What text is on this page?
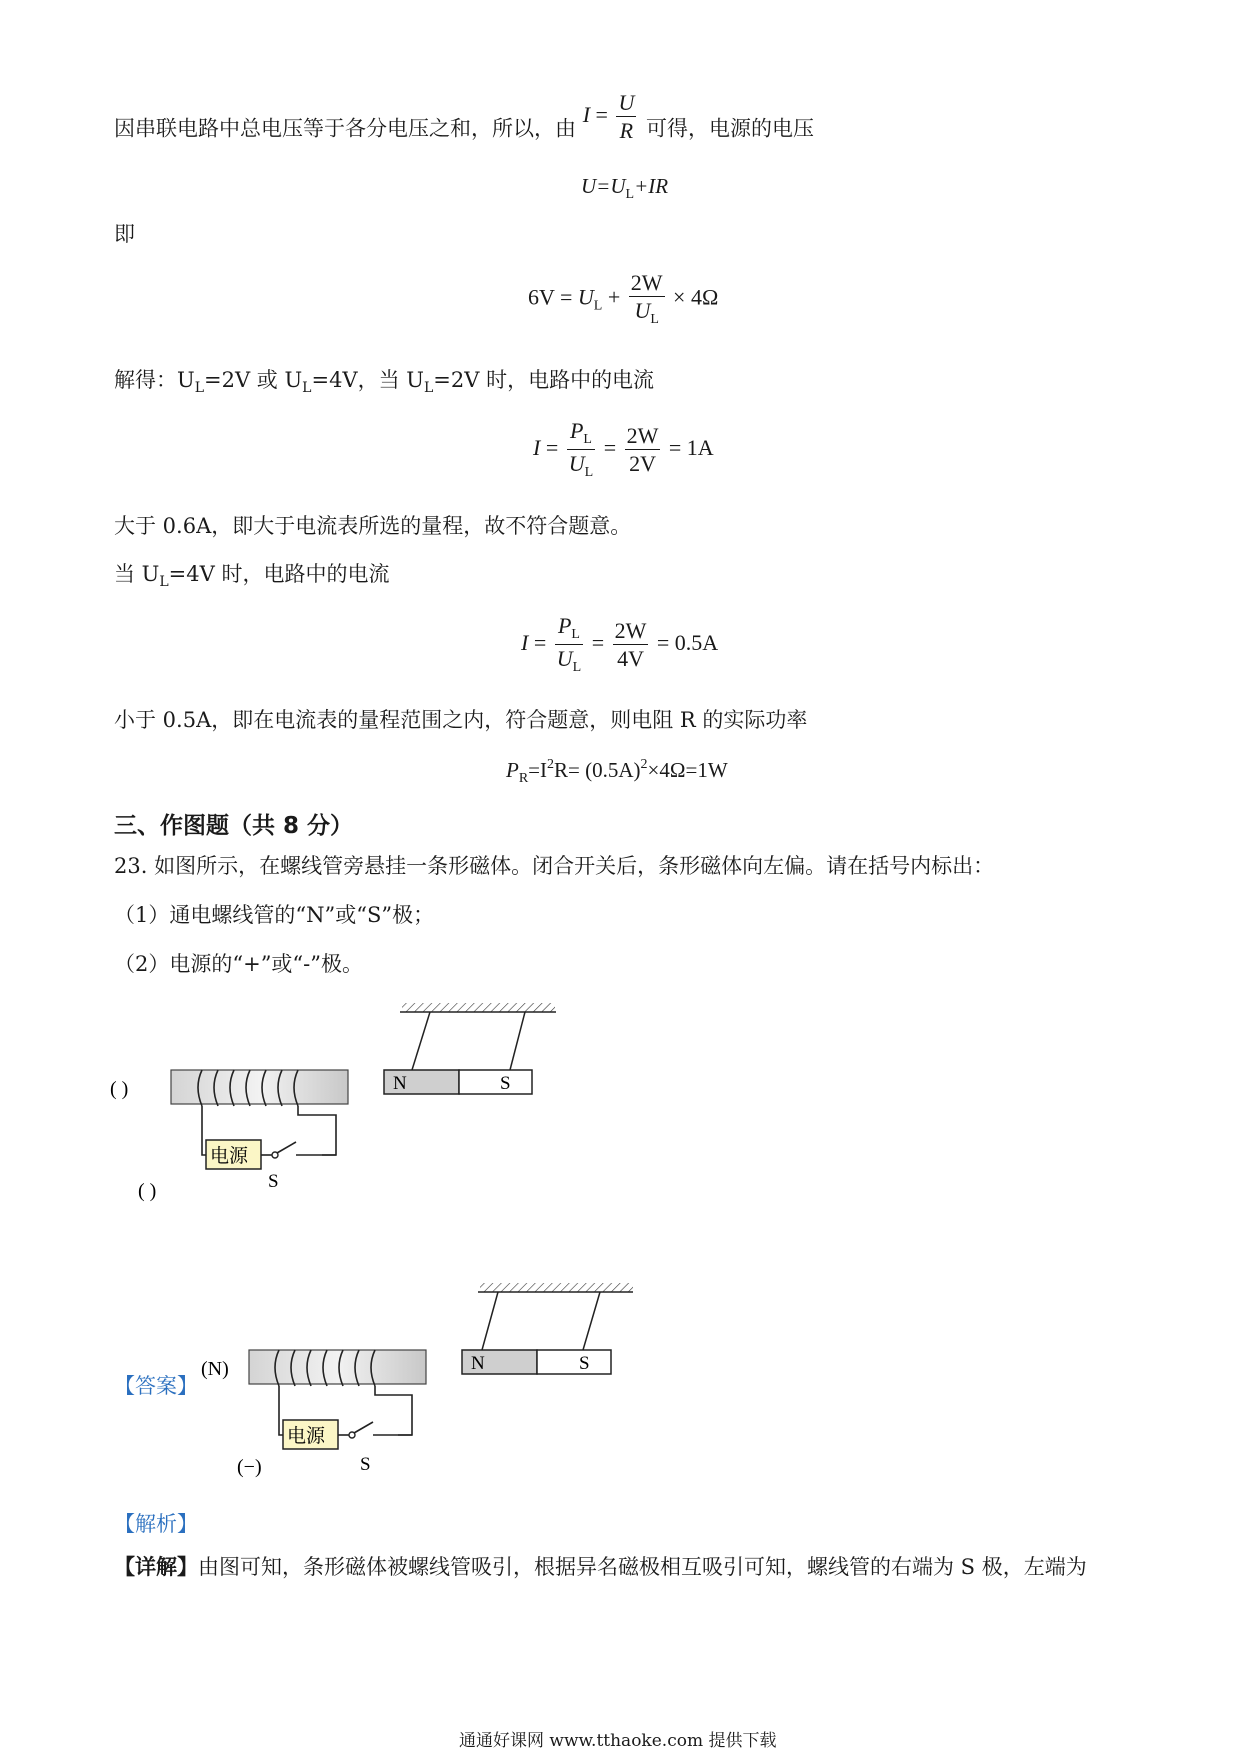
因串联电路中总电压等于各分电压之和，所以，由 $I = \frac{U}{R}$ 可得，电源的电压
$U=U_L+IR$
即
$6V = U_L + \frac{2W}{U_L} \times 4\Omega$
解得：$U_L=2V$ 或 $U_L=4V$，当 $U_L=2V$ 时，电路中的电流
$I = \frac{P_L}{U_L} = \frac{2W}{2V} = 1A$
大于 0.6A，即大于电流表所选的量程，故不符合题意。
当 $U_L=4V$ 时，电路中的电流
$I = \frac{P_L}{U_L} = \frac{2W}{4V} = 0.5A$
小于 0.5A，即在电流表的量程范围之内，符合题意，则电阻 R 的实际功率
$P_R=I^2R= (0.5A)^2\times 4\Omega=1W$
三、作图题（共 8 分）
23. 如图所示，在螺线管旁悬挂一条形磁体。闭合开关后，条形磁体向左偏。请在括号内标出：
（1）通电螺线管的“N”或“S”极；
（2）电源的“+”或“-”极。
N	S
电源
S
( )
( )
【答案】
N	S
电源
S
(N)
(−)
【解析】
【详解】由图可知，条形磁体被螺线管吸引，根据异名磁极相互吸引可知，螺线管的右端为 S 极，左端为
通通好课网 www.tthaoke.com 提供下载
